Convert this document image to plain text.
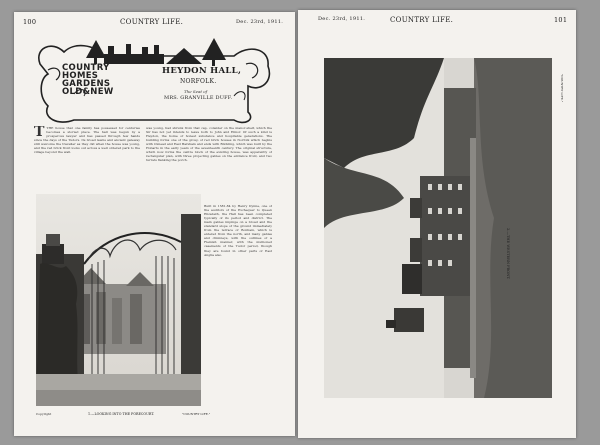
100	COUNTRY LIFE.	Dec. 23rd, 1911.
COUNTRY
HOMES
GARDENS
OLD&NEW
HEYDON HALL,
NORFOLK.
The Seat of
MRS. GRANVILLE DUFF.
TTHE house that one family has possessed for centuries becomes a storied place. The hall was begun by a prosperous lawyer and has passed through few hands since the days of the Tudors. Its broad lawns and ancient gateway still welcome the traveller as they did when the house was young, and the red brick front looks out across a well ordered park to the village beyond the wall.
was young, had shrunk from that cap, consider on the manor-shelf, which the Sir has not yet intends to leave both to John and Elinor. Of such a kind is Heydon, the home of honest substance and hospitable generations. The building forms one of the group of red brick houses in Norfolk which begins with Oxnead and East Barsham and ends with Blickling, which was built by the Hobarts in the early years of the seventeenth century. The original structure, which now forms the centre block of the existing house, was apparently of rectangular plan, with three projecting gables on the entrance front, and two turrets flanking the porch.
Built in 1581-84 by Henry Dynne, one of the auditors of the Exchequer to Queen Elizabeth, the Hall has been completed typically of its period and district. The main gables impinge on a broad and the standard slope of the ground immediately from the terrace of Bonham, which is entered from the north, and many gables and chimneys, with the outlines of a Flemish manner, with the mullioned casements of the Tudor period, though they are found in other parts of East Anglia also.
Copyright	1.—LOOKING INTO THE FORECOURT.	"COUNTRY LIFE."
Dec. 23rd, 1911.	COUNTRY LIFE.	101
2.—THE WESTERN FRONT.
"COUNTRY LIFE."
